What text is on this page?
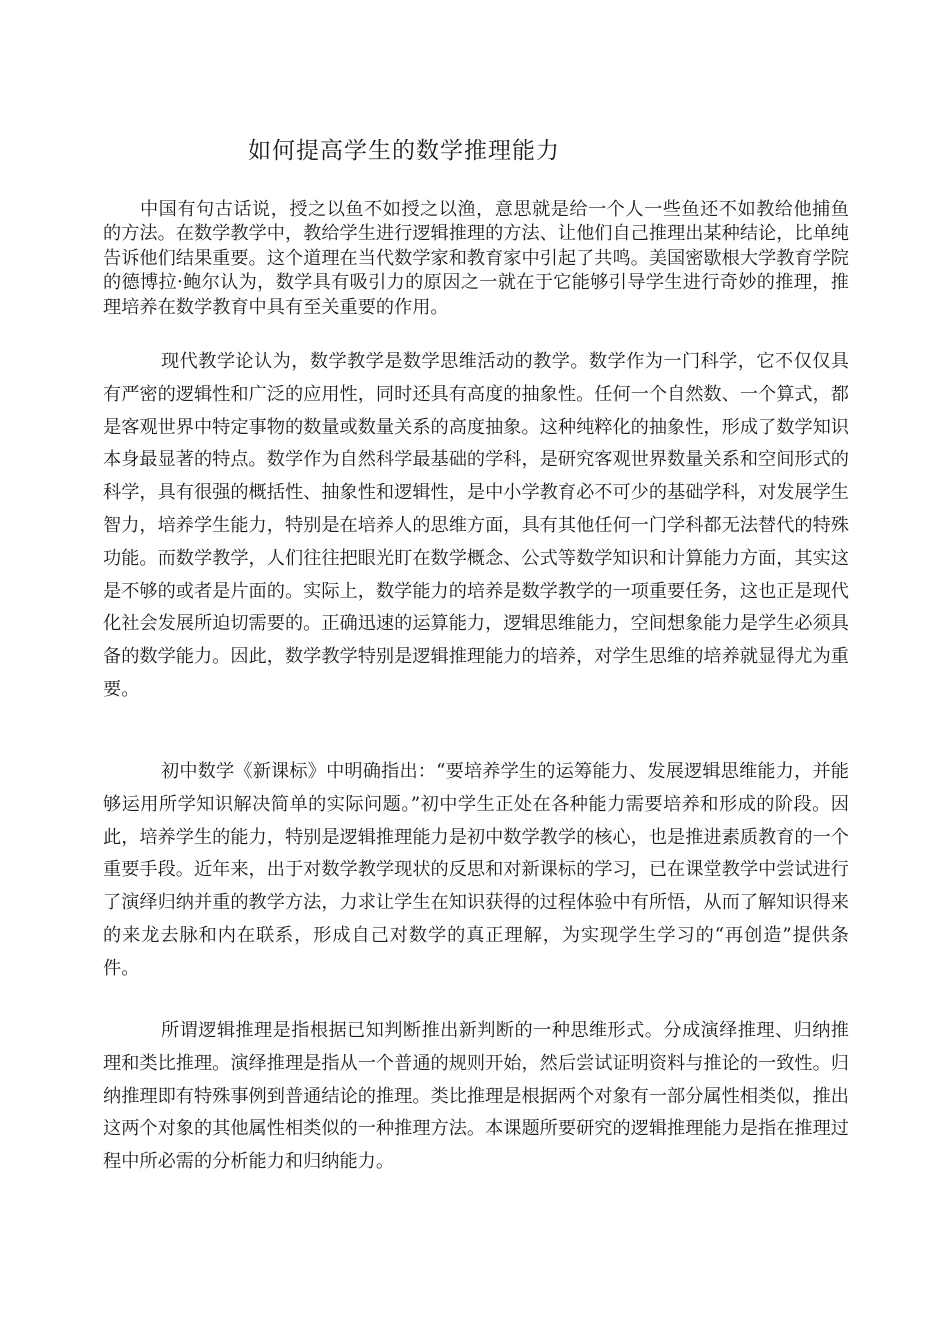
如何提高学生的数学推理能力

中国有句古话说，授之以鱼不如授之以渔，意思就是给一个人一些鱼还不如教给他捕鱼的方法。在数学教学中，教给学生进行逻辑推理的方法、让他们自己推理出某种结论，比单纯告诉他们结果重要。这个道理在当代数学家和教育家中引起了共鸣。美国密歇根大学教育学院的德博拉·鲍尔认为，数学具有吸引力的原因之一就在于它能够引导学生进行奇妙的推理，推理培养在数学教育中具有至关重要的作用。

现代教学论认为，数学教学是数学思维活动的教学。数学作为一门科学，它不仅仅具有严密的逻辑性和广泛的应用性，同时还具有高度的抽象性。任何一个自然数、一个算式，都是客观世界中特定事物的数量或数量关系的高度抽象。这种纯粹化的抽象性，形成了数学知识本身最显著的特点。数学作为自然科学最基础的学科，是研究客观世界数量关系和空间形式的科学，具有很强的概括性、抽象性和逻辑性，是中小学教育必不可少的基础学科，对发展学生智力，培养学生能力，特别是在培养人的思维方面，具有其他任何一门学科都无法替代的特殊功能。而数学教学，人们往往把眼光盯在数学概念、公式等数学知识和计算能力方面，其实这是不够的或者是片面的。实际上，数学能力的培养是数学教学的一项重要任务，这也正是现代化社会发展所迫切需要的。正确迅速的运算能力，逻辑思维能力，空间想象能力是学生必须具备的数学能力。因此，数学教学特别是逻辑推理能力的培养，对学生思维的培养就显得尤为重要。

初中数学《新课标》中明确指出：“要培养学生的运筹能力、发展逻辑思维能力，并能够运用所学知识解决简单的实际问题。”初中学生正处在各种能力需要培养和形成的阶段。因此，培养学生的能力，特别是逻辑推理能力是初中数学教学的核心，也是推进素质教育的一个重要手段。近年来，出于对数学教学现状的反思和对新课标的学习，已在课堂教学中尝试进行了演绎归纳并重的教学方法，力求让学生在知识获得的过程体验中有所悟，从而了解知识得来的来龙去脉和内在联系，形成自己对数学的真正理解，为实现学生学习的“再创造”提供条件。

所谓逻辑推理是指根据已知判断推出新判断的一种思维形式。分成演绎推理、归纳推理和类比推理。演绎推理是指从一个普通的规则开始，然后尝试证明资料与推论的一致性。归纳推理即有特殊事例到普通结论的推理。类比推理是根据两个对象有一部分属性相类似，推出这两个对象的其他属性相类似的一种推理方法。本课题所要研究的逻辑推理能力是指在推理过程中所必需的分析能力和归纳能力。
